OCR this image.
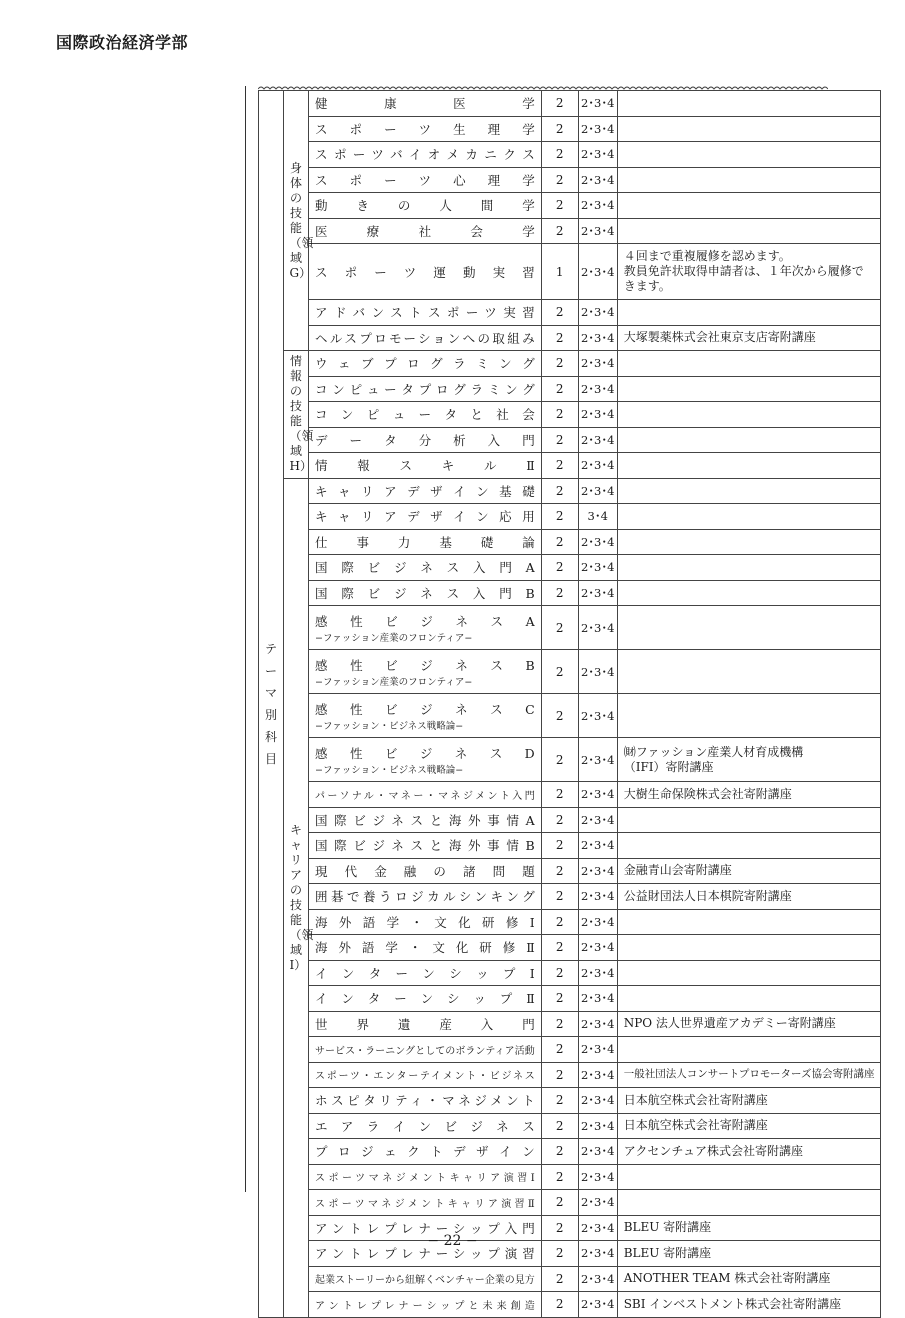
国際政治経済学部
テーマ別科目	身体の技能（領域G）	健　康　医　学	2	2･3･4	
		ス ポ ー ツ 生 理 学	2	2･3･4	
		スポーツバイオメカニクス	2	2･3･4	
		ス ポ ー ツ 心 理 学	2	2･3･4	
		動 き の 人 間 学	2	2･3･4	
		医　療　社　会　学	2	2･3･4	
		ス ポ ー ツ 運 動 実 習	1	2･3･4	４回まで重複履修を認めます。
教員免許状取得申請者は、１年次から履修できます。
		アドバンストスポーツ実習	2	2･3･4	
		ヘルスプロモーションへの取組み	2	2･3･4	大塚製薬株式会社東京支店寄附講座
	情報の技能（領域H）	ウ ェ ブ プ ロ グ ラ ミ ン グ	2	2･3･4	
		コンピュータプログラミング	2	2･3･4	
		コ ン ピ ュ ー タ と 社 会	2	2･3･4	
		デ ー タ 分 析 入 門	2	2･3･4	
		情 報 ス キ ル Ⅱ	2	2･3･4	
	キャリアの技能（領域Ⅰ）	キ ャ リ ア デ ザ イ ン 基 礎	2	2･3･4	
		キ ャ リ ア デ ザ イ ン 応 用	2	3･4	
		仕 事 力 基 礎 論	2	2･3･4	
		国 際 ビ ジ ネ ス 入 門 A	2	2･3･4	
		国 際 ビ ジ ネ ス 入 門 B	2	2･3･4	

		感 性 ビ ジ ネ ス A
−ファッション産業のフロンティア−	2	2･3･4	

		感 性 ビ ジ ネ ス B
−ファッション産業のフロンティア−	2	2･3･4	

		感 性 ビ ジ ネ ス C
−ファッション・ビジネス戦略論−	2	2･3･4	

		感 性 ビ ジ ネ ス D
−ファッション・ビジネス戦略論−	2	2･3･4	㈶ファッション産業人材育成機構
（IFI）寄附講座
		パーソナル・マネー・マネジメント入門	2	2･3･4	大樹生命保険株式会社寄附講座
		国際ビジネスと海外事情A	2	2･3･4	
		国際ビジネスと海外事情B	2	2･3･4	
		現 代 金 融 の 諸 問 題	2	2･3･4	金融青山会寄附講座
		囲碁で養うロジカルシンキング	2	2･3･4	公益財団法人日本棋院寄附講座
		海 外 語 学 ・ 文 化 研 修 Ⅰ	2	2･3･4	
		海 外 語 学 ・ 文 化 研 修 Ⅱ	2	2･3･4	
		イ ン タ ー ン シ ッ プ Ⅰ	2	2･3･4	
		イ ン タ ー ン シ ッ プ Ⅱ	2	2･3･4	
		世 界 遺 産 入 門	2	2･3･4	NPO 法人世界遺産アカデミー寄附講座
		サービス・ラーニングとしてのボランティア活動	2	2･3･4	
		スポーツ・エンターテイメント・ビジネス	2	2･3･4	一般社団法人コンサートプロモーターズ協会寄附講座
		ホスピタリティ・マネジメント	2	2･3･4	日本航空株式会社寄附講座
		エ ア ラ イ ン ビ ジ ネ ス	2	2･3･4	日本航空株式会社寄附講座
		プ ロ ジ ェ ク ト デ ザ イ ン	2	2･3･4	アクセンチュア株式会社寄附講座
		スポーツマネジメントキャリア演習Ⅰ	2	2･3･4	
		スポーツマネジメントキャリア演習Ⅱ	2	2･3･4	
		アントレプレナーシップ入門	2	2･3･4	BLEU 寄附講座
		アントレプレナーシップ演習	2	2･3･4	BLEU 寄附講座
		起業ストーリーから紐解くベンチャー企業の見方	2	2･3･4	ANOTHER TEAM 株式会社寄附講座
		アントレプレナーシップと未来創造	2	2･3･4	SBI インベストメント株式会社寄附講座
− 22 −
